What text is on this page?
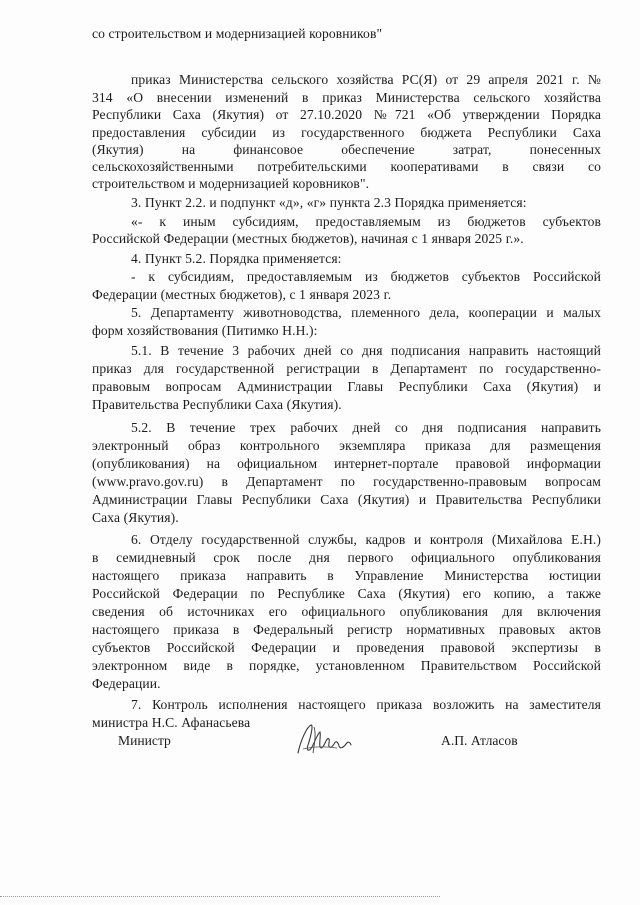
со строительством и модернизацией коровников"
приказ Министерства сельского хозяйства РС(Я) от 29 апреля 2021 г. №
314 «О внесении изменений в приказ Министерства сельского хозяйства
Республики Саха (Якутия) от 27.10.2020 №721 «Об утверждении Порядка
предоставления субсидии из государственного бюджета Республики Саха
(Якутия) на финансовое обеспечение затрат, понесенных
сельскохозяйственными потребительскими кооперативами в связи со
строительством и модернизацией коровников".
3. Пункт 2.2. и подпункт «д», «г» пункта 2.3 Порядка применяется:
«- к иным субсидиям, предоставляемым из бюджетов субъектов
Российской Федерации (местных бюджетов), начиная с 1 января 2025 г.».
4. Пункт 5.2. Порядка применяется:
- к субсидиям, предоставляемым из бюджетов субъектов Российской
Федерации (местных бюджетов), с 1 января 2023 г.
5. Департаменту животноводства, племенного дела, кооперации и малых
форм хозяйствования (Питимко Н.Н.):
5.1. В течение 3 рабочих дней со дня подписания направить настоящий
приказ для государственной регистрации в Департамент по государственно-
правовым вопросам Администрации Главы Республики Саха (Якутия) и
Правительства Республики Саха (Якутия).
5.2. В течение трех рабочих дней со дня подписания направить
электронный образ контрольного экземпляра приказа для размещения
(опубликования) на официальном интернет-портале правовой информации
(www.pravo.gov.ru) в Департамент по государственно-правовым вопросам
Администрации Главы Республики Саха (Якутия) и Правительства Республики
Саха (Якутия).
6. Отделу государственной службы, кадров и контроля (Михайлова Е.Н.)
в семидневный срок после дня первого официального опубликования
настоящего приказа направить в Управление Министерства юстиции
Российской Федерации по Республике Саха (Якутия) его копию, а также
сведения об источниках его официального опубликования для включения
настоящего приказа в Федеральный регистр нормативных правовых актов
субъектов Российской Федерации и проведения правовой экспертизы в
электронном виде в порядке, установленном Правительством Российской
Федерации.
7. Контроль исполнения настоящего приказа возложить на заместителя
министра Н.С. Афанасьева
Министр	А.П. Атласов
